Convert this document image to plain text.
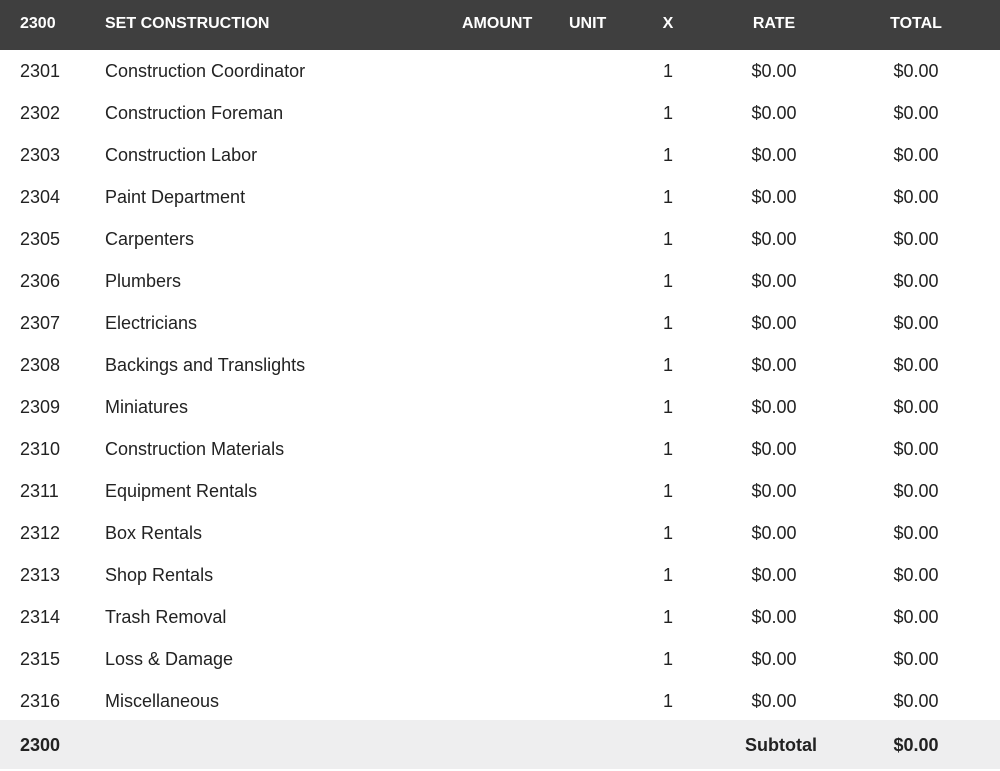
2300	SET CONSTRUCTION	AMOUNT UNIT	X	RATE	TOTAL
2301 Construction Coordinator	1	$0.00	$0.00
2302 Construction Foreman	1	$0.00	$0.00
2303 Construction Labor	1	$0.00	$0.00
2304 Paint Department	1	$0.00	$0.00
2305 Carpenters	1	$0.00	$0.00
2306 Plumbers	1	$0.00	$0.00
2307 Electricians	1	$0.00	$0.00
2308 Backings and Translights	1	$0.00	$0.00
2309 Miniatures	1	$0.00	$0.00
2310 Construction Materials	1	$0.00	$0.00
2311	Equipment Rentals	1	$0.00	$0.00
2312 Box Rentals	1	$0.00	$0.00
2313 Shop Rentals	1	$0.00	$0.00
2314 Trash Removal	1	$0.00	$0.00
2315 Loss & Damage	1	$0.00	$0.00
2316 Miscellaneous	1	$0.00	$0.00
2300	Subtotal	$0.00
